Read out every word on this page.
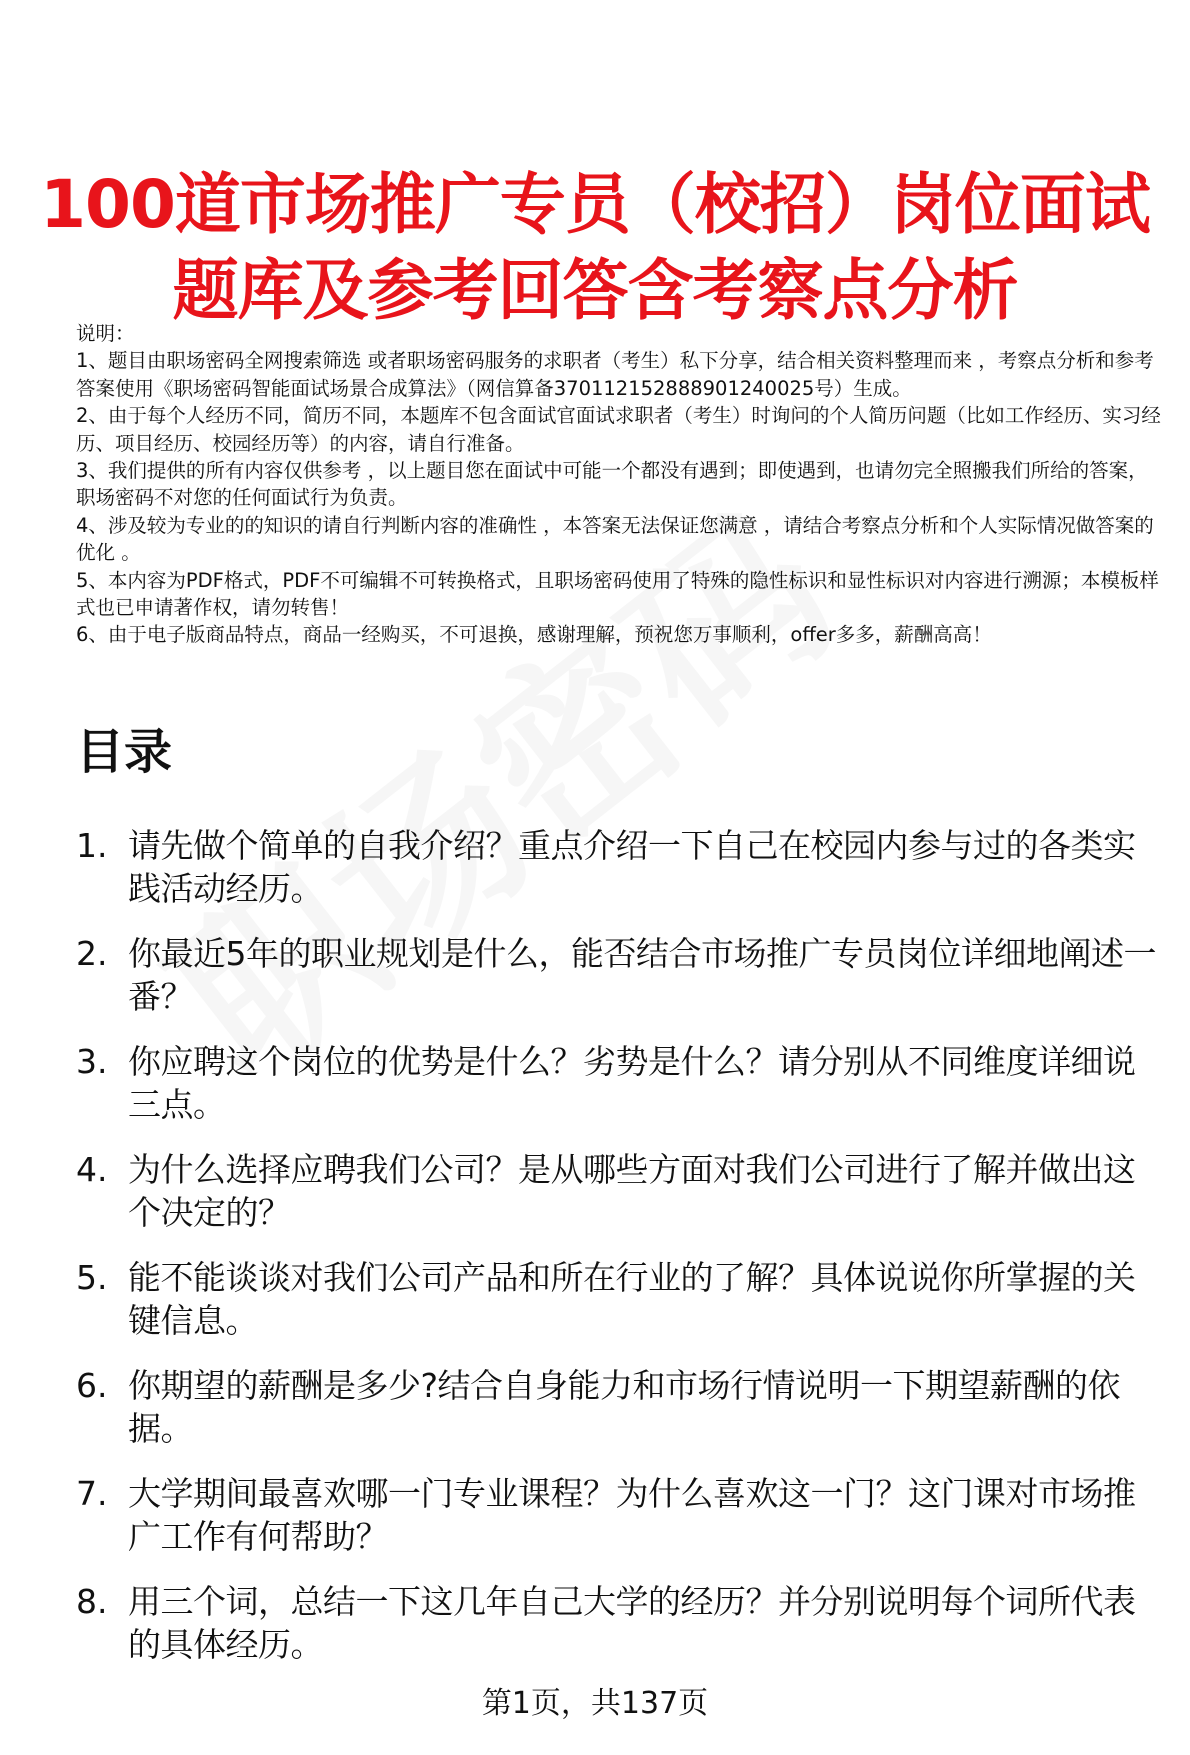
100道市场推广专员（校招）岗位面试题库及参考回答含考察点分析

说明：

1、题目由职场密码全网搜索筛选 或者职场密码服务的求职者（考生）私下分享，结合相关资料整理而来 ，考察点分析和参考答案使用《职场密码智能面试场景合成算法》（网信算备370112152888901240025号）生成。

2、由于每个人经历不同，简历不同，本题库不包含面试官面试求职者（考生）时询问的个人简历问题（比如工作经历、实习经历、项目经历、校园经历等）的内容，请自行准备。

3、我们提供的所有内容仅供参考 ，以上题目您在面试中可能一个都没有遇到；即使遇到，也请勿完全照搬我们所给的答案，职场密码不对您的任何面试行为负责。

4、涉及较为专业的的知识的请自行判断内容的准确性 ，本答案无法保证您满意 ，请结合考察点分析和个人实际情况做答案的优化 。

5、本内容为PDF格式，PDF不可编辑不可转换格式，且职场密码使用了特殊的隐性标识和显性标识对内容进行溯源；本模板样式也已申请著作权，请勿转售！

6、由于电子版商品特点，商品一经购买，不可退换，感谢理解，预祝您万事顺利，offer多多，薪酬高高！

目录
1. 请先做个简单的自我介绍？重点介绍一下自己在校园内参与过的各类实践活动经历。
2. 你最近5年的职业规划是什么，能否结合市场推广专员岗位详细地阐述一番？
3. 你应聘这个岗位的优势是什么？劣势是什么？请分别从不同维度详细说三点。
4. 为什么选择应聘我们公司？是从哪些方面对我们公司进行了解并做出这个决定的？
5. 能不能谈谈对我们公司产品和所在行业的了解？具体说说你所掌握的关键信息。
6. 你期望的薪酬是多少?结合自身能力和市场行情说明一下期望薪酬的依据。
7. 大学期间最喜欢哪一门专业课程？为什么喜欢这一门？这门课对市场推广工作有何帮助？
8. 用三个词，总结一下这几年自己大学的经历？并分别说明每个词所代表的具体经历。
第1页，共137页
